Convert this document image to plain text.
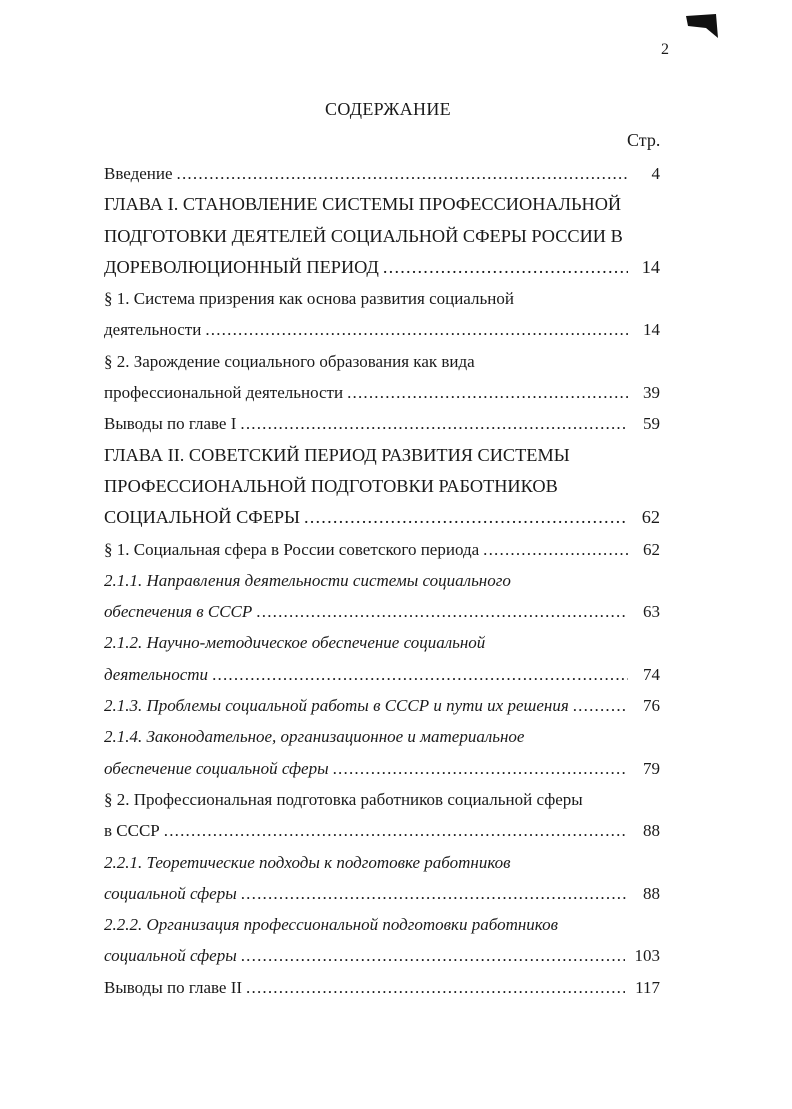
2
СОДЕРЖАНИЕ
Стр.
Введение .....	4
ГЛАВА I. СТАНОВЛЕНИЕ СИСТЕМЫ ПРОФЕССИОНАЛЬНОЙ
ПОДГОТОВКИ ДЕЯТЕЛЕЙ СОЦИАЛЬНОЙ СФЕРЫ РОССИИ В
ДОРЕВОЛЮЦИОННЫЙ ПЕРИОД .....	14
§ 1. Система призрения как основа развития социальной
деятельности .....	14
§ 2. Зарождение социального образования как вида
профессиональной деятельности .....	39
Выводы по главе I .....	59
ГЛАВА II. СОВЕТСКИЙ ПЕРИОД РАЗВИТИЯ СИСТЕМЫ
ПРОФЕССИОНАЛЬНОЙ ПОДГОТОВКИ РАБОТНИКОВ
СОЦИАЛЬНОЙ СФЕРЫ .....	62
§ 1. Социальная сфера в России советского периода .....	62
2.1.1. Направления деятельности системы социального
обеспечения в СССР .....	63
2.1.2. Научно-методическое обеспечение социальной
деятельности .....	74
2.1.3. Проблемы социальной работы в СССР и пути их решения .....	76
2.1.4. Законодательное, организационное и материальное
обеспечение социальной сферы .....	79
§ 2. Профессиональная подготовка работников социальной сферы
в СССР .....	88
2.2.1. Теоретические подходы к подготовке работников
социальной сферы .....	88
2.2.2. Организация профессиональной подготовки работников
социальной сферы .....	103
Выводы по главе II .....	117
